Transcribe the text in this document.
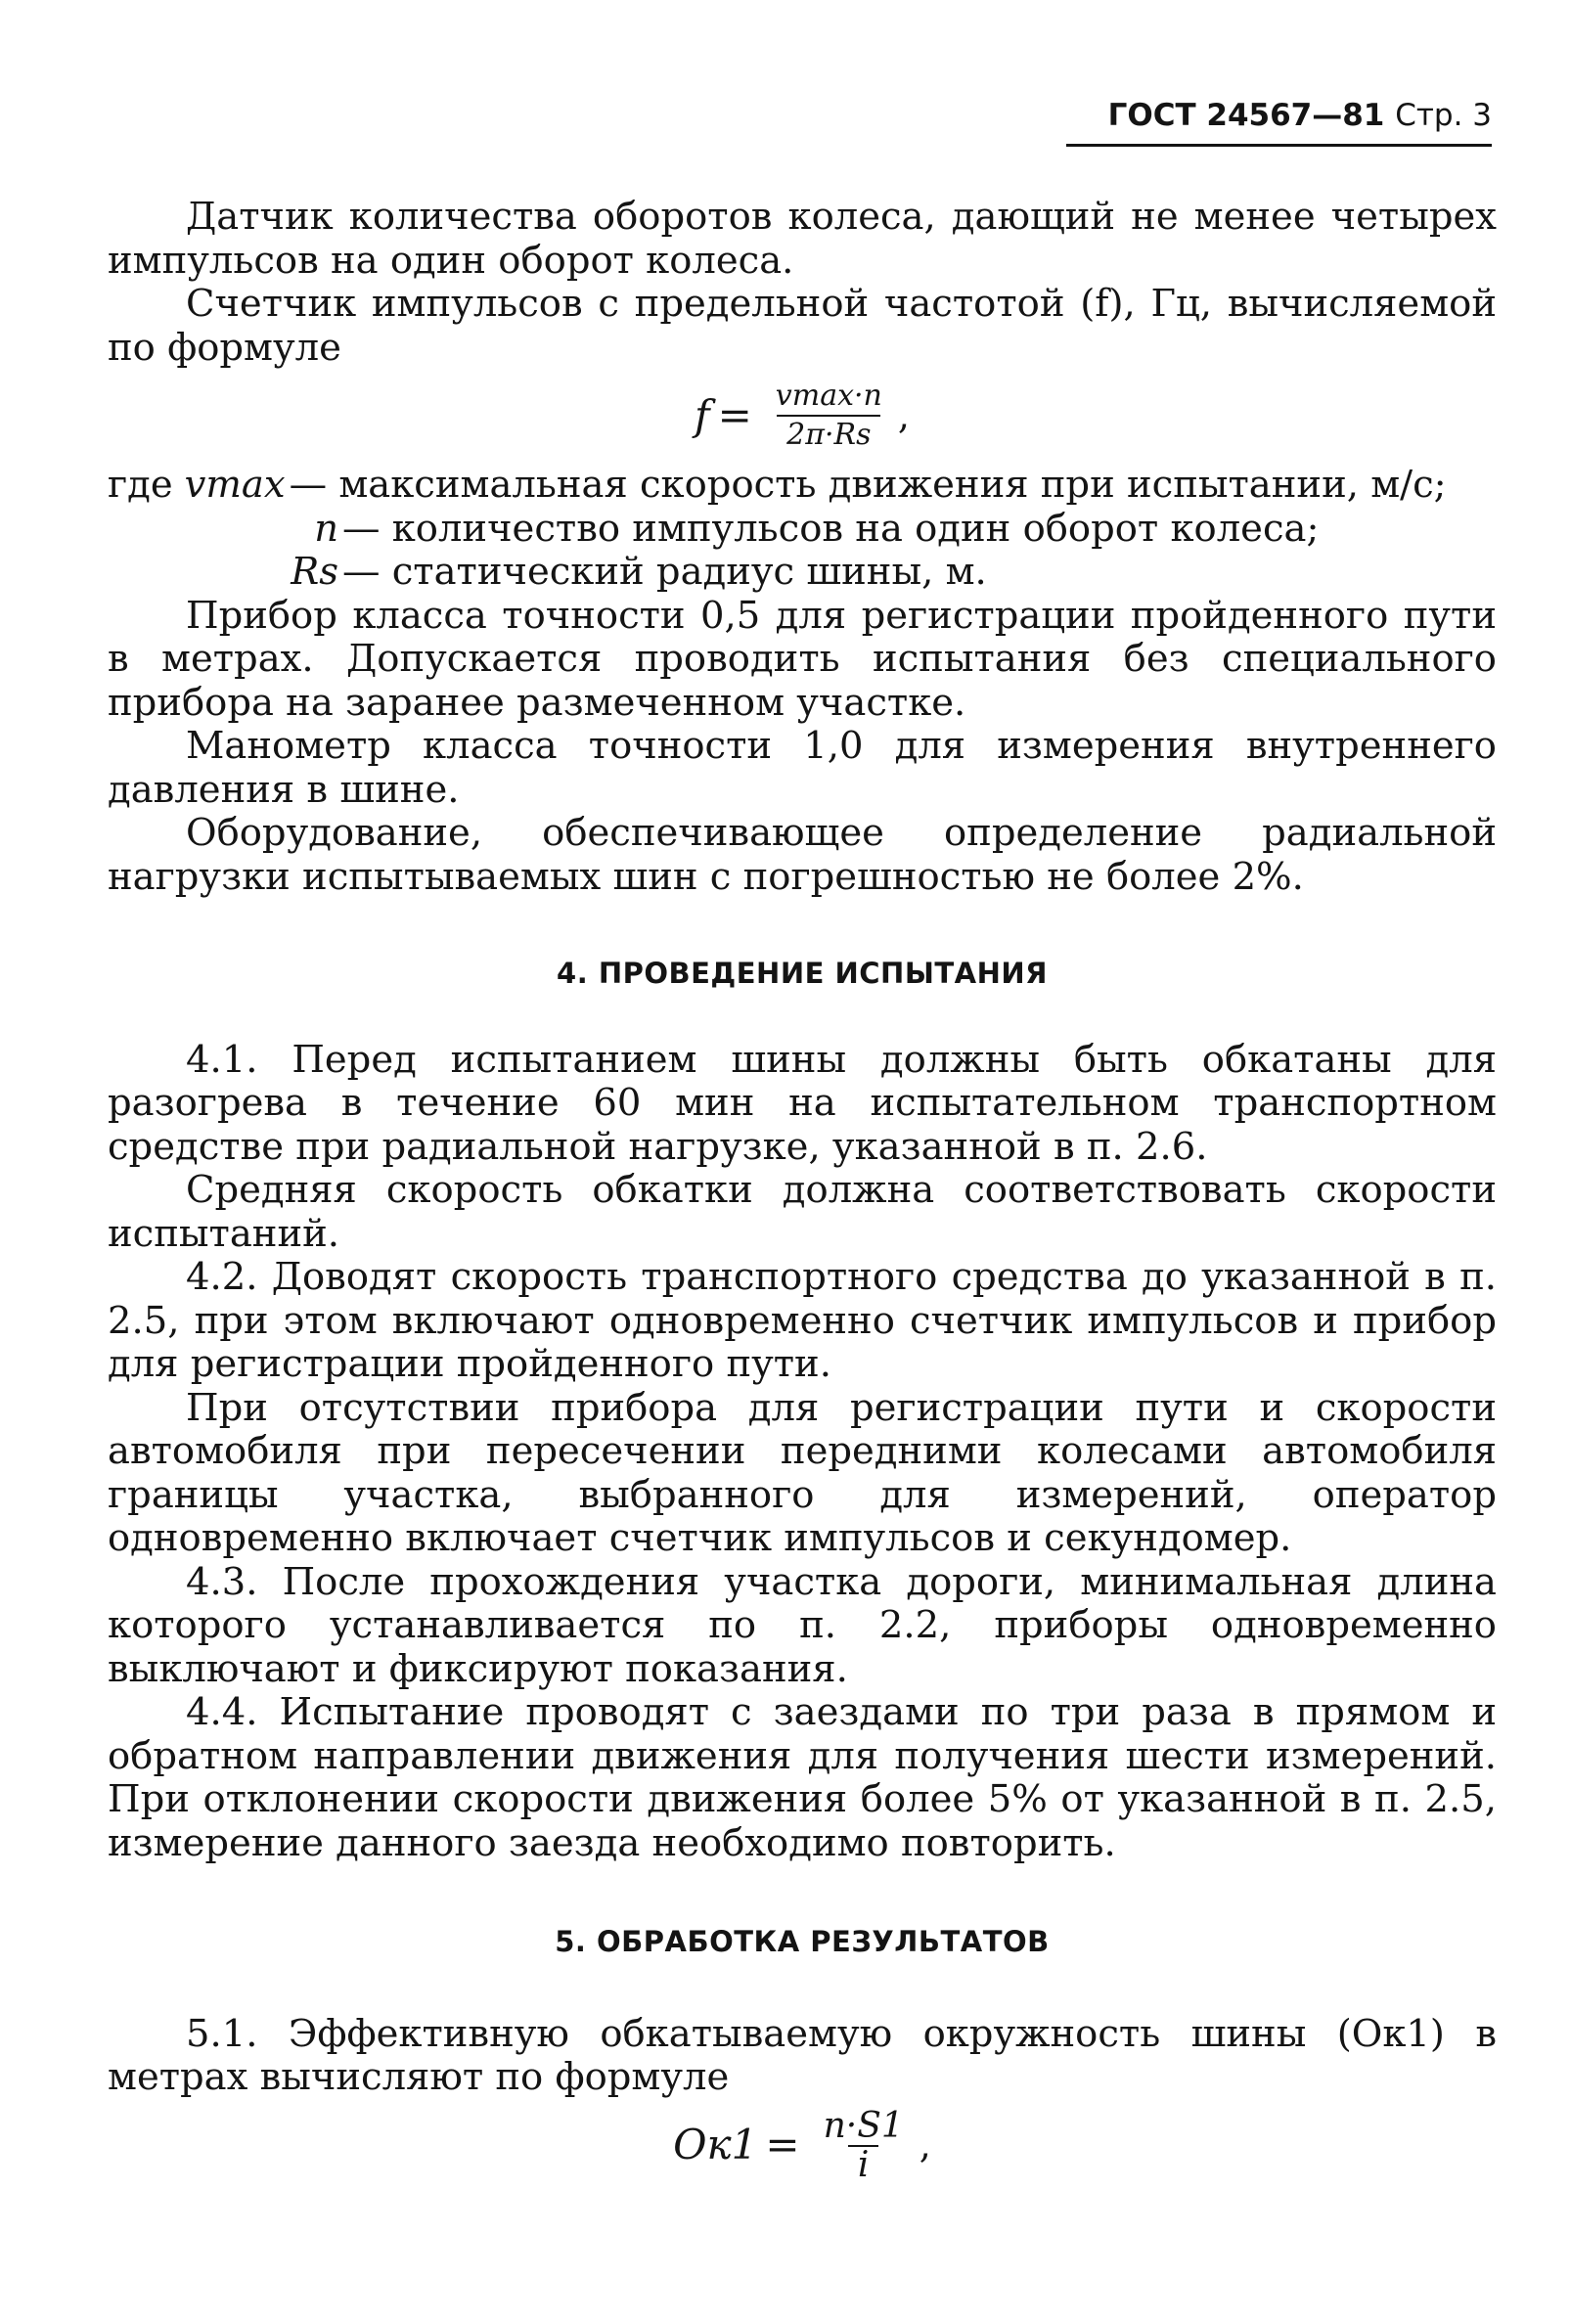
ГОСТ 24567—81 Стр. 3

Датчик количества оборотов колеса, дающий не менее четырех импульсов на один оборот колеса.

Счетчик импульсов с предельной частотой (f), Гц, вычисляемой по формуле

$f = \frac{vmax\cdot n}{2\pi\cdot Rs}$ ,
где vmax — максимальная скорость движения при испытании, м/с;
n — количество импульсов на один оборот колеса;
Rs — статический радиус шины, м.

Прибор класса точности 0,5 для регистрации пройденного пути в метрах. Допускается проводить испытания без специального прибора на заранее размеченном участке.

Манометр класса точности 1,0 для измерения внутреннего давления в шине.

Оборудование, обеспечивающее определение радиальной нагрузки испытываемых шин с погрешностью не более 2%.

4. ПРОВЕДЕНИЕ ИСПЫТАНИЯ

4.1. Перед испытанием шины должны быть обкатаны для разогрева в течение 60 мин на испытательном транспортном средстве при радиальной нагрузке, указанной в п. 2.6.

Средняя скорость обкатки должна соответствовать скорости испытаний.

4.2. Доводят скорость транспортного средства до указанной в п. 2.5, при этом включают одновременно счетчик импульсов и прибор для регистрации пройденного пути.

При отсутствии прибора для регистрации пути и скорости автомобиля при пересечении передними колесами автомобиля границы участка, выбранного для измерений, оператор одновременно включает счетчик импульсов и секундомер.

4.3. После прохождения участка дороги, минимальная длина которого устанавливается по п. 2.2, приборы одновременно выключают и фиксируют показания.

4.4. Испытание проводят с заездами по три раза в прямом и обратном направлении движения для получения шести измерений. При отклонении скорости движения более 5% от указанной в п. 2.5, измерение данного заезда необходимо повторить.

5. ОБРАБОТКА РЕЗУЛЬТАТОВ

5.1. Эффективную обкатываемую окружность шины (Oк1) в метрах вычисляют по формуле

$Oк1 = \frac{n\cdot S1}{i}$ ,
